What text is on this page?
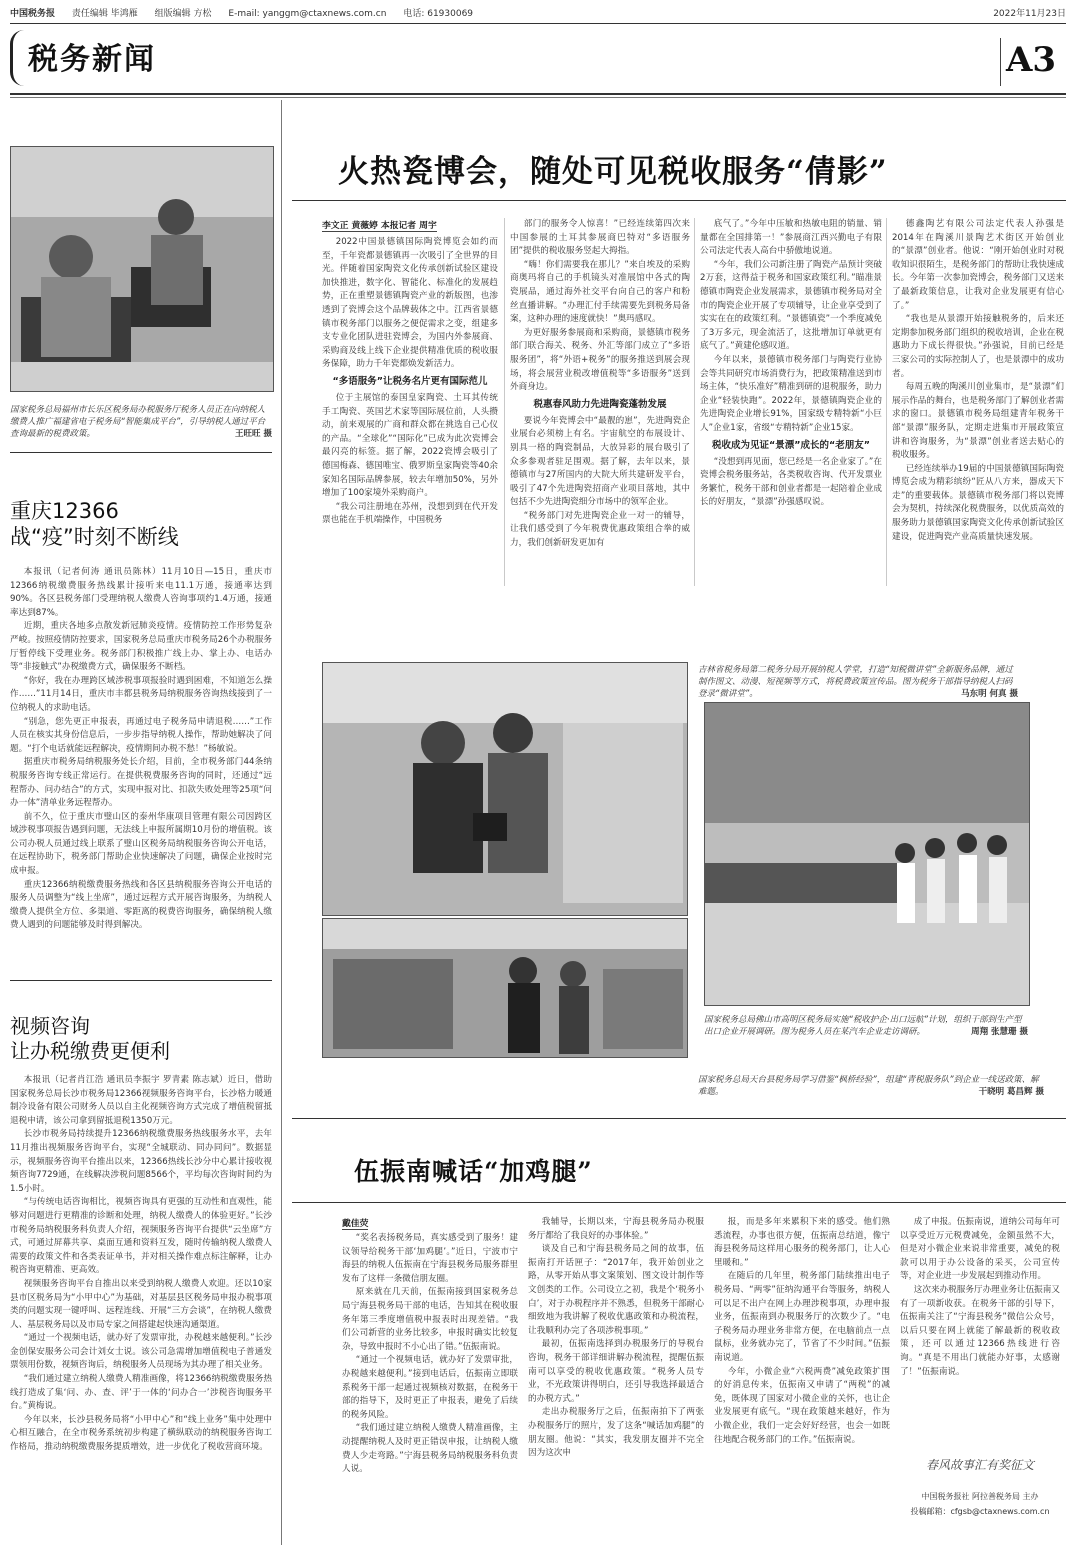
中国税务报 责任编辑 毕鸿雁 组版编辑 方松 E-mail: yanggm@ctaxnews.com.cn 电话: 61930069	2022年11月23日
税务新闻	A3
国家税务总局福州市长乐区税务局办税服务厅税务人员正在向纳税人缴费人推广福建省电子税务局“智能集成平台”，引导纳税人通过平台查询最新的税费政策。	王旺旺 摄
重庆12366
战“疫”时刻不断线

本报讯（记者何涛 通讯员陈林）11月10日—15日，重庆市12366纳税缴费服务热线累计接听来电11.1万通，接通率达到90%。各区县税务部门受理纳税人缴费人咨询事项约1.4万通，接通率达到87%。

近期，重庆各地多点散发新冠肺炎疫情。疫情防控工作形势复杂严峻。按照疫情防控要求，国家税务总局重庆市税务局26个办税服务厅暂停线下受理业务。税务部门积极推广线上办、掌上办、电话办等“非接触式”办税缴费方式，确保服务不断档。

“你好，我在办理跨区域涉税事项报验时遇到困难，不知道怎么操作……”11月14日，重庆市丰都县税务局纳税服务咨询热线接到了一位纳税人的求助电话。

“别急，您先更正申报表，再通过电子税务局申请退税……”工作人员在核实其身份信息后，一步步指导纳税人操作，帮助她解决了问题。“打个电话就能远程解决，疫情期间办税不愁！”杨敏说。

据重庆市税务局纳税服务处长介绍，目前，全市税务部门44条纳税服务咨询专线正常运行。在提供税费服务咨询的同时，还通过“远程帮办、问办结合”的方式，实现申报对比、扣款失败处理等25项“问办一体”清单业务远程帮办。

前不久，位于重庆市璧山区的泰州华康项目管理有限公司因跨区域涉税事项报告遇到问题，无法线上申报所属期10月份的增值税。该公司办税人员通过线上联系了璧山区税务局纳税服务咨询公开电话，在远程协助下，税务部门帮助企业快速解决了问题，确保企业按时完成申报。

重庆12366纳税缴费服务热线和各区县纳税服务咨询公开电话的服务人员调整为“线上坐席”，通过远程方式开展咨询服务，为纳税人缴费人提供全方位、多渠道、零距离的税费咨询服务，确保纳税人缴费人遇到的问题能够及时得到解决。

视频咨询
让办税缴费更便利

本报讯（记者肖江浩 通讯员李振宇 罗青素 陈志斌）近日，借助国家税务总局长沙市税务局12366视频服务咨询平台，长沙格力暖通制冷设备有限公司财务人员以自主化视频咨询方式完成了增值税留抵退税申请，该公司拿到留抵退税1350万元。

长沙市税务局持续提升12366纳税缴费服务热线服务水平，去年11月推出视频服务咨询平台，实现“全城联动、同办同问”。数据显示，视频服务咨询平台推出以来，12366热线长沙分中心累计接收视频咨询7729通，在线解决涉税问题8566个，平均每次咨询时间约为1.5小时。

“与传统电话咨询相比，视频咨询具有更强的互动性和直观性，能够对问题进行更精准的诊断和处理，纳税人缴费人的体验更好。”长沙市税务局纳税服务科负责人介绍，视频服务咨询平台提供“云坐席”方式，可通过屏幕共享、桌面互通和资料互发，随时传输纳税人缴费人需要的政策文件和各类表证单书，并对相关操作难点标注解释，让办税咨询更精准、更高效。

视频服务咨询平台自推出以来受到纳税人缴费人欢迎。还以10家县市区税务局为“小甲中心”为基础，对基层县区税务局申报办税事项类的问题实现一键呼叫、远程连线、开展“三方会谈”，在纳税人缴费人、基层税务局以及市局专家之间搭建起快速沟通渠道。

“通过一个视频电话，就办好了发票审批，办税越来越便利。”长沙金创保安服务公司会计刘女士说。该公司急需增加增值税电子普通发票领用份数，视频咨询后，纳税服务人员现场为其办理了相关业务。

“我们通过建立纳税人缴费人精准画像，将12366纳税缴费服务热线打造成了集‘问、办、查、评’于一体的‘问办合一’涉税咨询服务平台。”黄梅说。

今年以来，长沙县税务局将“小甲中心”和“线上业务”集中处理中心相互融合，在全市税务系统初步构建了横纵联动的纳税服务咨询工作格局，推动纳税缴费服务提质增效，进一步优化了税收营商环境。

火热瓷博会，随处可见税收服务“倩影”
李文正 黄薇婷 本报记者 周宇

2022中国景德镇国际陶瓷博览会如约而至，千年瓷都景德镇再一次吸引了全世界的目光。伴随着国家陶瓷文化传承创新试验区建设加快推进，数字化、智能化、标准化的发展趋势，正在重塑景德镇陶瓷产业的新版图，也渗透到了瓷博会这个品牌载体之中。江西省景德镇市税务部门以服务之便促需求之变，组建多支专业化团队进驻瓷博会，为国内外参展商、采购商及线上线下企业提供精准优质的税收服务保障，助力千年瓷都焕发新活力。

“多语服务”让税务名片更有国际范儿

位于主展馆的泰国皇家陶瓷、土耳其传统手工陶瓷、英国艺术家等国际展位前，人头攒动，前来观展的广商和群众都在挑选自己心仪的产品。“全球化”“国际化”已成为此次瓷博会最闪亮的标签。据了解，2022瓷博会吸引了德国梅森、德国唯宝、俄罗斯皇家陶瓷等40余家知名国际品牌参展，较去年增加50%，另外增加了100家境外采购商户。

“我公司注册地在苏州，没想到到在代开发票也能在手机端操作，中国税务

部门的服务令人惊喜！”已经连续第四次来中国参展的土耳其参展商巴特对“多语服务团”提供的税收服务竖起大拇指。

“嗨！你们需要我在那儿？”来自埃及的采购商奥玛将自己的手机镜头对准展馆中各式的陶瓷展品，通过海外社交平台向自己的客户和粉丝直播讲解。“办理汇付手续需要先到税务局备案，这种办理的速度就快！”奥玛感叹。

为更好服务参展商和采购商，景德镇市税务部门联合海关、税务、外汇等部门成立了“多语服务团”，将“外语+税务”的服务推送到展会现场，将会展营业税改增值税等“多语服务”送到外商身边。

税惠春风助力先进陶瓷蓬勃发展

要说今年瓷博会中“最靓的崽”，先进陶瓷企业展台必须榜上有名。宇宙航空的布展设计、别具一格的陶瓷制品，大放异彩的展台吸引了众多参观者驻足围观。据了解，去年以来，景德镇市与27所国内的大院大所共建研发平台，吸引了47个先进陶瓷招商产业项目落地，其中包括不少先进陶瓷细分市场中的领军企业。

“税务部门对先进陶瓷企业一对一的辅导，让我们感受到了今年税费优惠政策组合拳的威力，我们创新研发更加有

底气了。”今年中压敏和热敏电阻的销量、销量都在全国排第一！”参展商江西兴勤电子有限公司法定代表人高台中骄傲地说道。

“今年，我们公司新注册了陶瓷产品预计突破2万套，这得益于税务和国家政策红利。”瞄准景德镇市陶瓷企业发展需求，景德镇市税务局对全市的陶瓷企业开展了专项辅导，让企业享受到了实实在在的政策红利。“景德镇瓷”一个季度减免了3万多元，现金流活了，这批增加订单就更有底气了。”黄建伦感叹道。

今年以来，景德镇市税务部门与陶瓷行业协会等共同研究市场消费行为，把政策精准送到市场主体，“快乐准好”精准到研的退税服务，助力企业“轻装快跑”。2022年，景德镇陶瓷企业的先进陶瓷企业增长91%，国家级专精特新“小巨人”企业1家，省级“专精特新”企业15家。

税收成为见证“景漂”成长的“老朋友”

“没想到再见面，您已经是一名企业家了。”在瓷博会税务服务站，各类税收咨询、代开发票业务繁忙，税务干部和创业者都是一起陪着企业成长的好朋友，“景漂”孙强感叹说。

德鑫陶艺有限公司法定代表人孙强是2014年在陶溪川景陶艺术街区开始创业的“景漂”创业者。他说：“刚开始创业时对税收知识很陌生，是税务部门的帮助让我快速成长。今年第一次参加瓷博会，税务部门又送来了最新政策信息，让我对企业发展更有信心了。”

“我也是从景漂开始接触税务的，后来还定期参加税务部门组织的税收培训，企业在税惠助力下成长得很快。”孙强说，目前已经是三家公司的实际控制人了，也是景漂中的成功者。

每周五晚的陶溪川创业集市，是“景漂”们展示作品的舞台，也是税务部门了解创业者需求的窗口。景德镇市税务局组建青年税务干部“景漂”服务队，定期走进集市开展政策宣讲和咨询服务，为“景漂”创业者送去贴心的税收服务。

已经连续举办19届的中国景德镇国际陶瓷博览会成为精彩缤纷“匠从八方来，器成天下走”的重要载体。景德镇市税务部门将以瓷博会为契机，持续深化税费服务，以优质高效的服务助力景德镇国家陶瓷文化传承创新试验区建设，促进陶瓷产业高质量快速发展。

吉林省税务局第二税务分局开展纳税人学堂，打造“知税微讲堂”全新服务品牌，通过制作图文、动漫、短视频等方式，将税费政策宣传品。图为税务干部指导纳税人扫码登录“微讲堂”。	马东明 何真 摄
国家税务总局佛山市高明区税务局实施“税收护企·出口远航”计划，组织干部到生产型出口企业开展调研。图为税务人员在某汽车企业走访调研。	周翔 张慧珊 摄
国家税务总局天台县税务局学习借鉴“枫桥经验”，组建“青税服务队”到企业一线送政策、解难题。	干晓明 葛昌辉 摄
伍振南喊话“加鸡腿”
戴佳荧

“奖名表扬税务局，真实感受到了服务！建议领导给税务干部‘加鸡腿’。”近日，宁波市宁海县的纳税人伍振南在宁海县税务局服务群里发布了这样一条微信朋友圈。

原来就在几天前，伍振南接到国家税务总局宁海县税务局干部的电话，告知其在税收服务年第三季度增值税申报表时出现差错。“我们公司新营的业务比较多，申报时确实比较复杂，导致申报时不小心出了错。”伍振南说。

“通过一个视频电话，就办好了发票审批，办税越来越便利。”接到电话后，伍振南立即联系税务干部一起通过视频核对数据，在税务干部的指导下，及时更正了申报表，避免了后续的税务风险。

“我们通过建立纳税人缴费人精准画像，主动提醒纳税人及时更正错误申报，让纳税人缴费人少走弯路。”宁海县税务局纳税服务科负责人说。

我辅导，长期以来，宁海县税务局办税服务厅都给了我良好的办事体验。”

谈及自己和宁海县税务局之间的故事，伍振南打开话匣子：“2017年，我开始创业之路，从零开始从事文案策划、图文设计制作等文创类的工作。公司设立之初，我是个‘税务小白’，对于办税程序并不熟悉，但税务干部耐心细致地为我讲解了税收优惠政策和办税流程，让我顺利办完了各项涉税事项。”

最初，伍振南选择到办税服务厅的导税台咨询，税务干部详细讲解办税流程，提醒伍振南可以享受的税收优惠政策。“税务人员专业，不光政策讲得明白，还引导我选择最适合的办税方式。”

走出办税服务厅之后，伍振南拍下了两张办税服务厅的照片，发了这条“喊话加鸡腿”的朋友圈。他说：“其实，我发朋友圈并不完全因为这次申

报，而是多年来累积下来的感受。他们熟悉流程，办事也很方便，伍振南总结道，像宁海县税务局这样用心服务的税务部门，让人心里暖和。”

在随后的几年里，税务部门陆续推出电子税务局、“两零”征纳沟通平台等服务，纳税人可以足不出户在网上办理涉税事项，办理申报业务，伍振南到办税服务厅的次数少了。“电子税务局办理业务非常方便，在电脑前点一点鼠标，业务就办完了，节省了不少时间。”伍振南说道。

今年，小微企业“六税两费”减免政策扩围的好消息传来，伍振南又申请了“两税”的减免，既体现了国家对小微企业的关怀，也让企业发展更有底气。“现在政策越来越好，作为小微企业，我们一定会好好经营，也会一如既往地配合税务部门的工作。”伍振南说。

成了申报。伍振南说，道纳公司每年可以享受近万元税费减免，金额虽然不大，但是对小微企业来说非常重要，减免的税款可以用于办公设备的采买，公司宣传等，对企业进一步发展起到推动作用。

这次来办税服务厅办理业务让伍振南又有了一项新收获。在税务干部的引导下，伍振南关注了“宁海县税务”微信公众号，以后只要在网上就能了解最新的税收政策，还可以通过12366热线进行咨询。“真是不用出门就能办好事，太感谢了！”伍振南说。

春风故事汇有奖征文
中国税务报社 阿拉善税务局 主办
投稿邮箱：cfgsb@ctaxnews.com.cn
